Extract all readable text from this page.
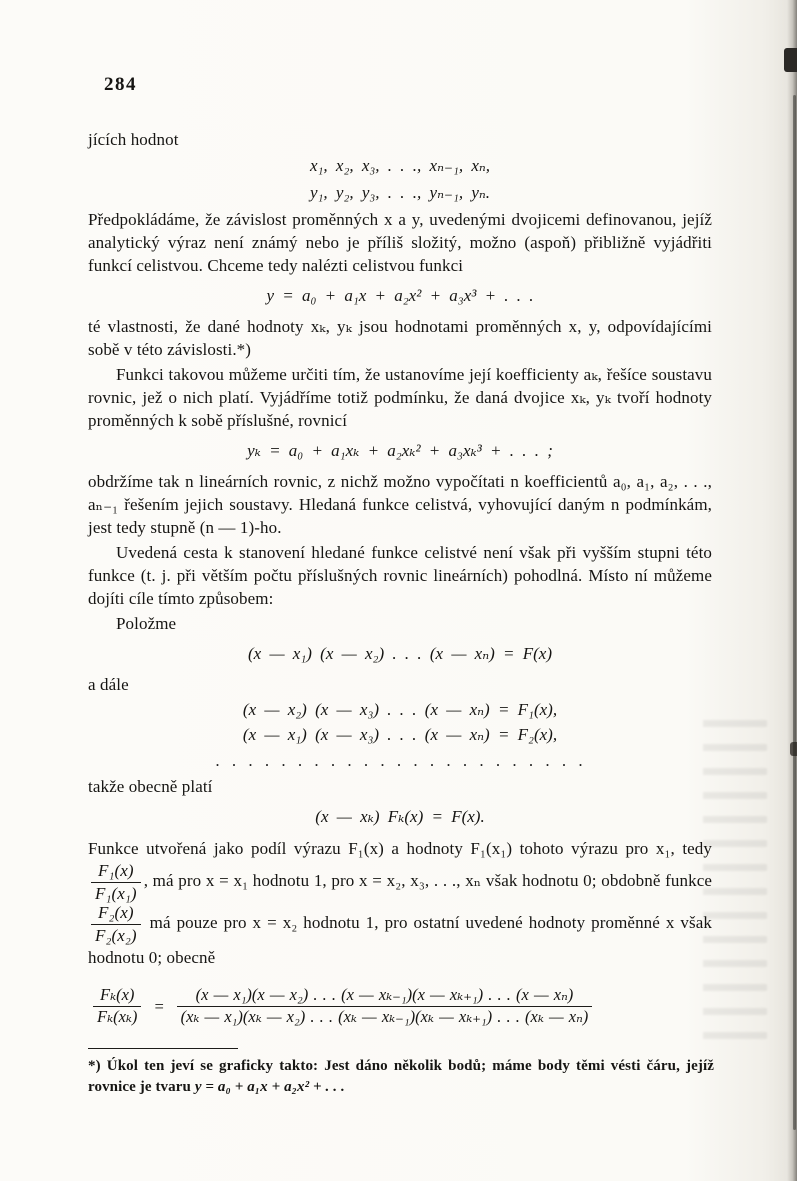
284

jících hodnot

x₁, x₂, x₃, . . ., xₙ₋₁, xₙ,
y₁, y₂, y₃, . . ., yₙ₋₁, yₙ.

Předpokládáme, že závislost proměnných x a y, uvedenými dvojicemi definovanou, jejíž analytický výraz není známý nebo je příliš složitý, možno (aspoň) přibližně vyjádřiti funkcí celistvou. Chceme tedy nalézti celistvou funkci

y = a₀ + a₁x + a₂x² + a₃x³ + . . .

té vlastnosti, že dané hodnoty xₖ, yₖ jsou hodnotami proměnných x, y, odpovídajícími sobě v této závislosti.*)

Funkci takovou můžeme určiti tím, že ustanovíme její koefficienty aₖ, řešíce soustavu rovnic, jež o nich platí. Vyjádříme totiž podmínku, že daná dvojice xₖ, yₖ tvoří hodnoty proměnných k sobě příslušné, rovnicí

yₖ = a₀ + a₁xₖ + a₂xₖ² + a₃xₖ³ + . . . ;

obdržíme tak n lineárních rovnic, z nichž možno vypočítati n koefficientů a₀, a₁, a₂, . . ., aₙ₋₁ řešením jejich soustavy. Hledaná funkce celistvá, vyhovující daným n podmínkám, jest tedy stupně (n — 1)-ho.

Uvedená cesta k stanovení hledané funkce celistvé není však při vyšším stupni této funkce (t. j. při větším počtu příslušných rovnic lineárních) pohodlná. Místo ní můžeme dojíti cíle tímto způsobem:

Položme

(x — x₁) (x — x₂) . . . (x — xₙ) = F(x)

a dále

(x — x₂) (x — x₃) . . . (x — xₙ) = F₁(x),
(x — x₁) (x — x₃) . . . (x — xₙ) = F₂(x),
. . . . . . . . . . . . . . . . . . . . . . .

takže obecně platí

(x — xₖ) Fₖ(x) = F(x).

Funkce utvořená jako podíl výrazu F₁(x) a hodnoty F₁(x₁) tohoto výrazu pro x₁, tedy
$\frac{\text{F₁(x)}}{\text{F₁(x₁)}}$ , má pro x = x₁ hodnotu 1, pro x = x₂, x₃, . . ., xₙ však hodnotu 0; obdobně funkce
$\frac{\text{F₂(x)}}{\text{F₂(x₂)}}$ má pouze pro x = x₂ hodnotu 1, pro ostatní uvedené hodnoty proměnné x však hodnotu 0; obecně

$\frac{\text{Fₖ(x)}}{\text{Fₖ(xₖ)}}$ =
(x — x₁)(x — x₂) . . . (x — xₖ₋₁)(x — xₖ₊₁) . . . (x — xₙ)
(xₖ — x₁)(xₖ — x₂) . . . (xₖ — xₖ₋₁)(xₖ — xₖ₊₁) . . . (xₖ — xₙ)

*) Úkol ten jeví se graficky takto: Jest dáno několik bodů; máme body těmi vésti čáru, jejíž rovnice je tvaru y = a₀ + a₁x + a₂x² + . . .
